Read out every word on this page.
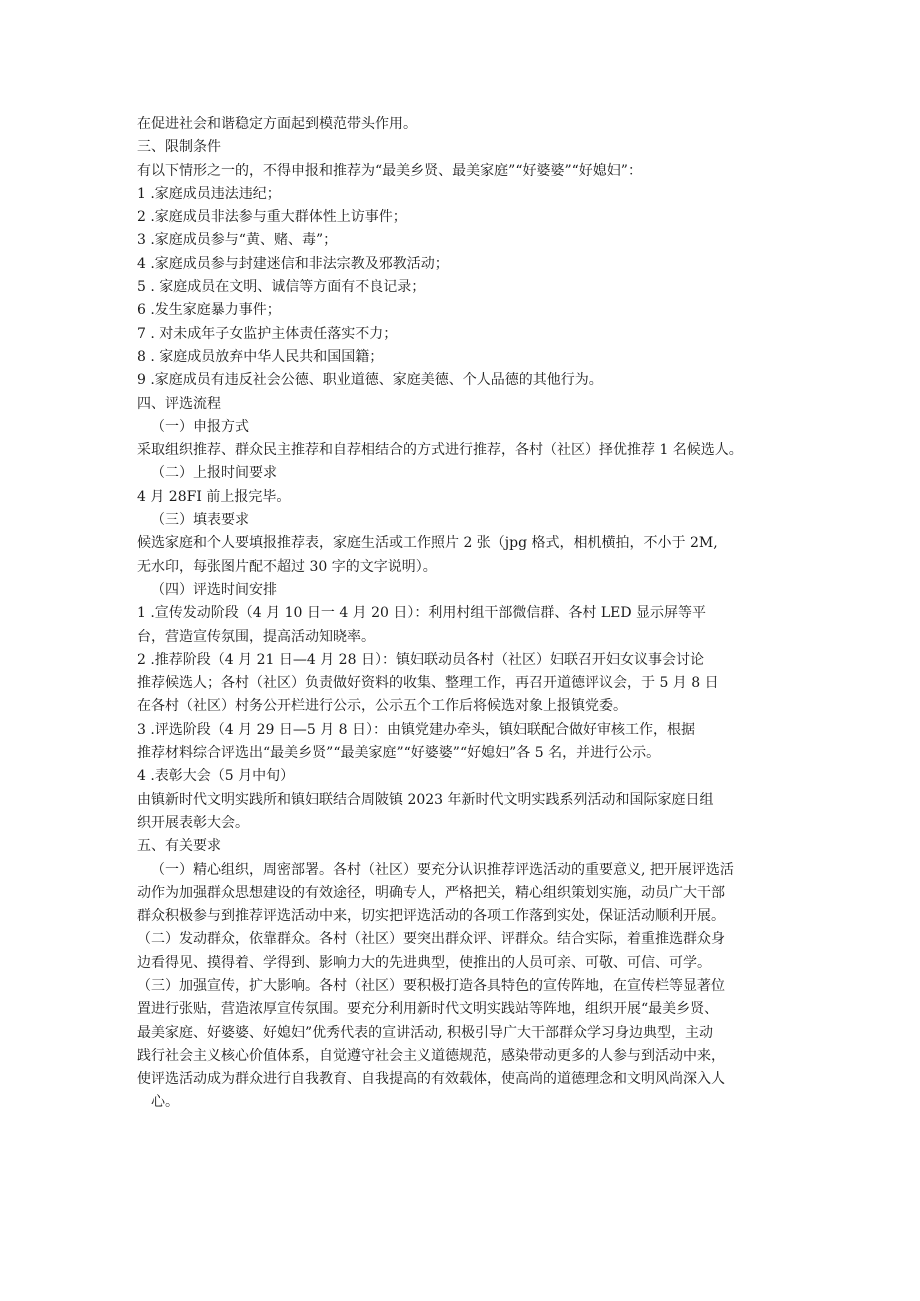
在促进社会和谐稳定方面起到模范带头作用。
三、限制条件
有以下情形之一的，不得申报和推荐为“最美乡贤、最美家庭”“好婆婆”“好媳妇”：
1 .家庭成员违法违纪；
2 .家庭成员非法参与重大群体性上访事件；
3 .家庭成员参与“黄、赌、毒”；
4 .家庭成员参与封建迷信和非法宗教及邪教活动；
5 . 家庭成员在文明、诚信等方面有不良记录；
6 .发生家庭暴力事件；
7 . 对未成年子女监护主体责任落实不力；
8 . 家庭成员放弃中华人民共和国国籍；
9 .家庭成员有违反社会公德、职业道德、家庭美德、个人品德的其他行为。
四、评选流程
（一）申报方式
采取组织推荐、群众民主推荐和自荐相结合的方式进行推荐，各村（社区）择优推荐 1 名候选人。
（二）上报时间要求
4 月 28FI 前上报完毕。
（三）填表要求
候选家庭和个人要填报推荐表，家庭生活或工作照片 2 张（jpg 格式，相机横拍，不小于 2M,
无水印，每张图片配不超过 30 字的文字说明）。
（四）评选时间安排
1 .宣传发动阶段（4 月 10 日一 4 月 20 日）：利用村组干部微信群、各村 LED 显示屏等平
台，营造宣传氛围，提高活动知晓率。
2 .推荐阶段（4 月 21 日—4 月 28 日）：镇妇联动员各村（社区）妇联召开妇女议事会讨论
推荐候选人；各村（社区）负责做好资料的收集、整理工作，再召开道德评议会，于 5 月 8 日
在各村（社区）村务公开栏进行公示，公示五个工作后将候选对象上报镇党委。
3 .评选阶段（4 月 29 日—5 月 8 日）：由镇党建办牵头，镇妇联配合做好审核工作，根据
推荐材料综合评选出“最美乡贤”“最美家庭”“好婆婆”“好媳妇”各 5 名，并进行公示。
4 .表彰大会（5 月中旬）
由镇新时代文明实践所和镇妇联结合周陂镇 2023 年新时代文明实践系列活动和国际家庭日组
织开展表彰大会。
五、有关要求
（一）精心组织，周密部署。各村（社区）要充分认识推荐评选活动的重要意义, 把开展评选活
动作为加强群众思想建设的有效途径，明确专人，严格把关，精心组织策划实施，动员广大干部
群众积极参与到推荐评选活动中来，切实把评选活动的各项工作落到实处，保证活动顺利开展。
（二）发动群众，依靠群众。各村（社区）要突出群众评、评群众。结合实际，着重推选群众身
边看得见、摸得着、学得到、影响力大的先进典型，使推出的人员可亲、可敬、可信、可学。
（三）加强宣传，扩大影响。各村（社区）要积极打造各具特色的宣传阵地，在宣传栏等显著位
置进行张贴，营造浓厚宣传氛围。要充分利用新时代文明实践站等阵地，组织开展“最美乡贤、
最美家庭、好婆婆、好媳妇”优秀代表的宣讲活动, 积极引导广大干部群众学习身边典型，主动
践行社会主义核心价值体系，自觉遵守社会主义道德规范，感染带动更多的人参与到活动中来，
使评选活动成为群众进行自我教育、自我提高的有效载体，使高尚的道德理念和文明风尚深入人
心。
